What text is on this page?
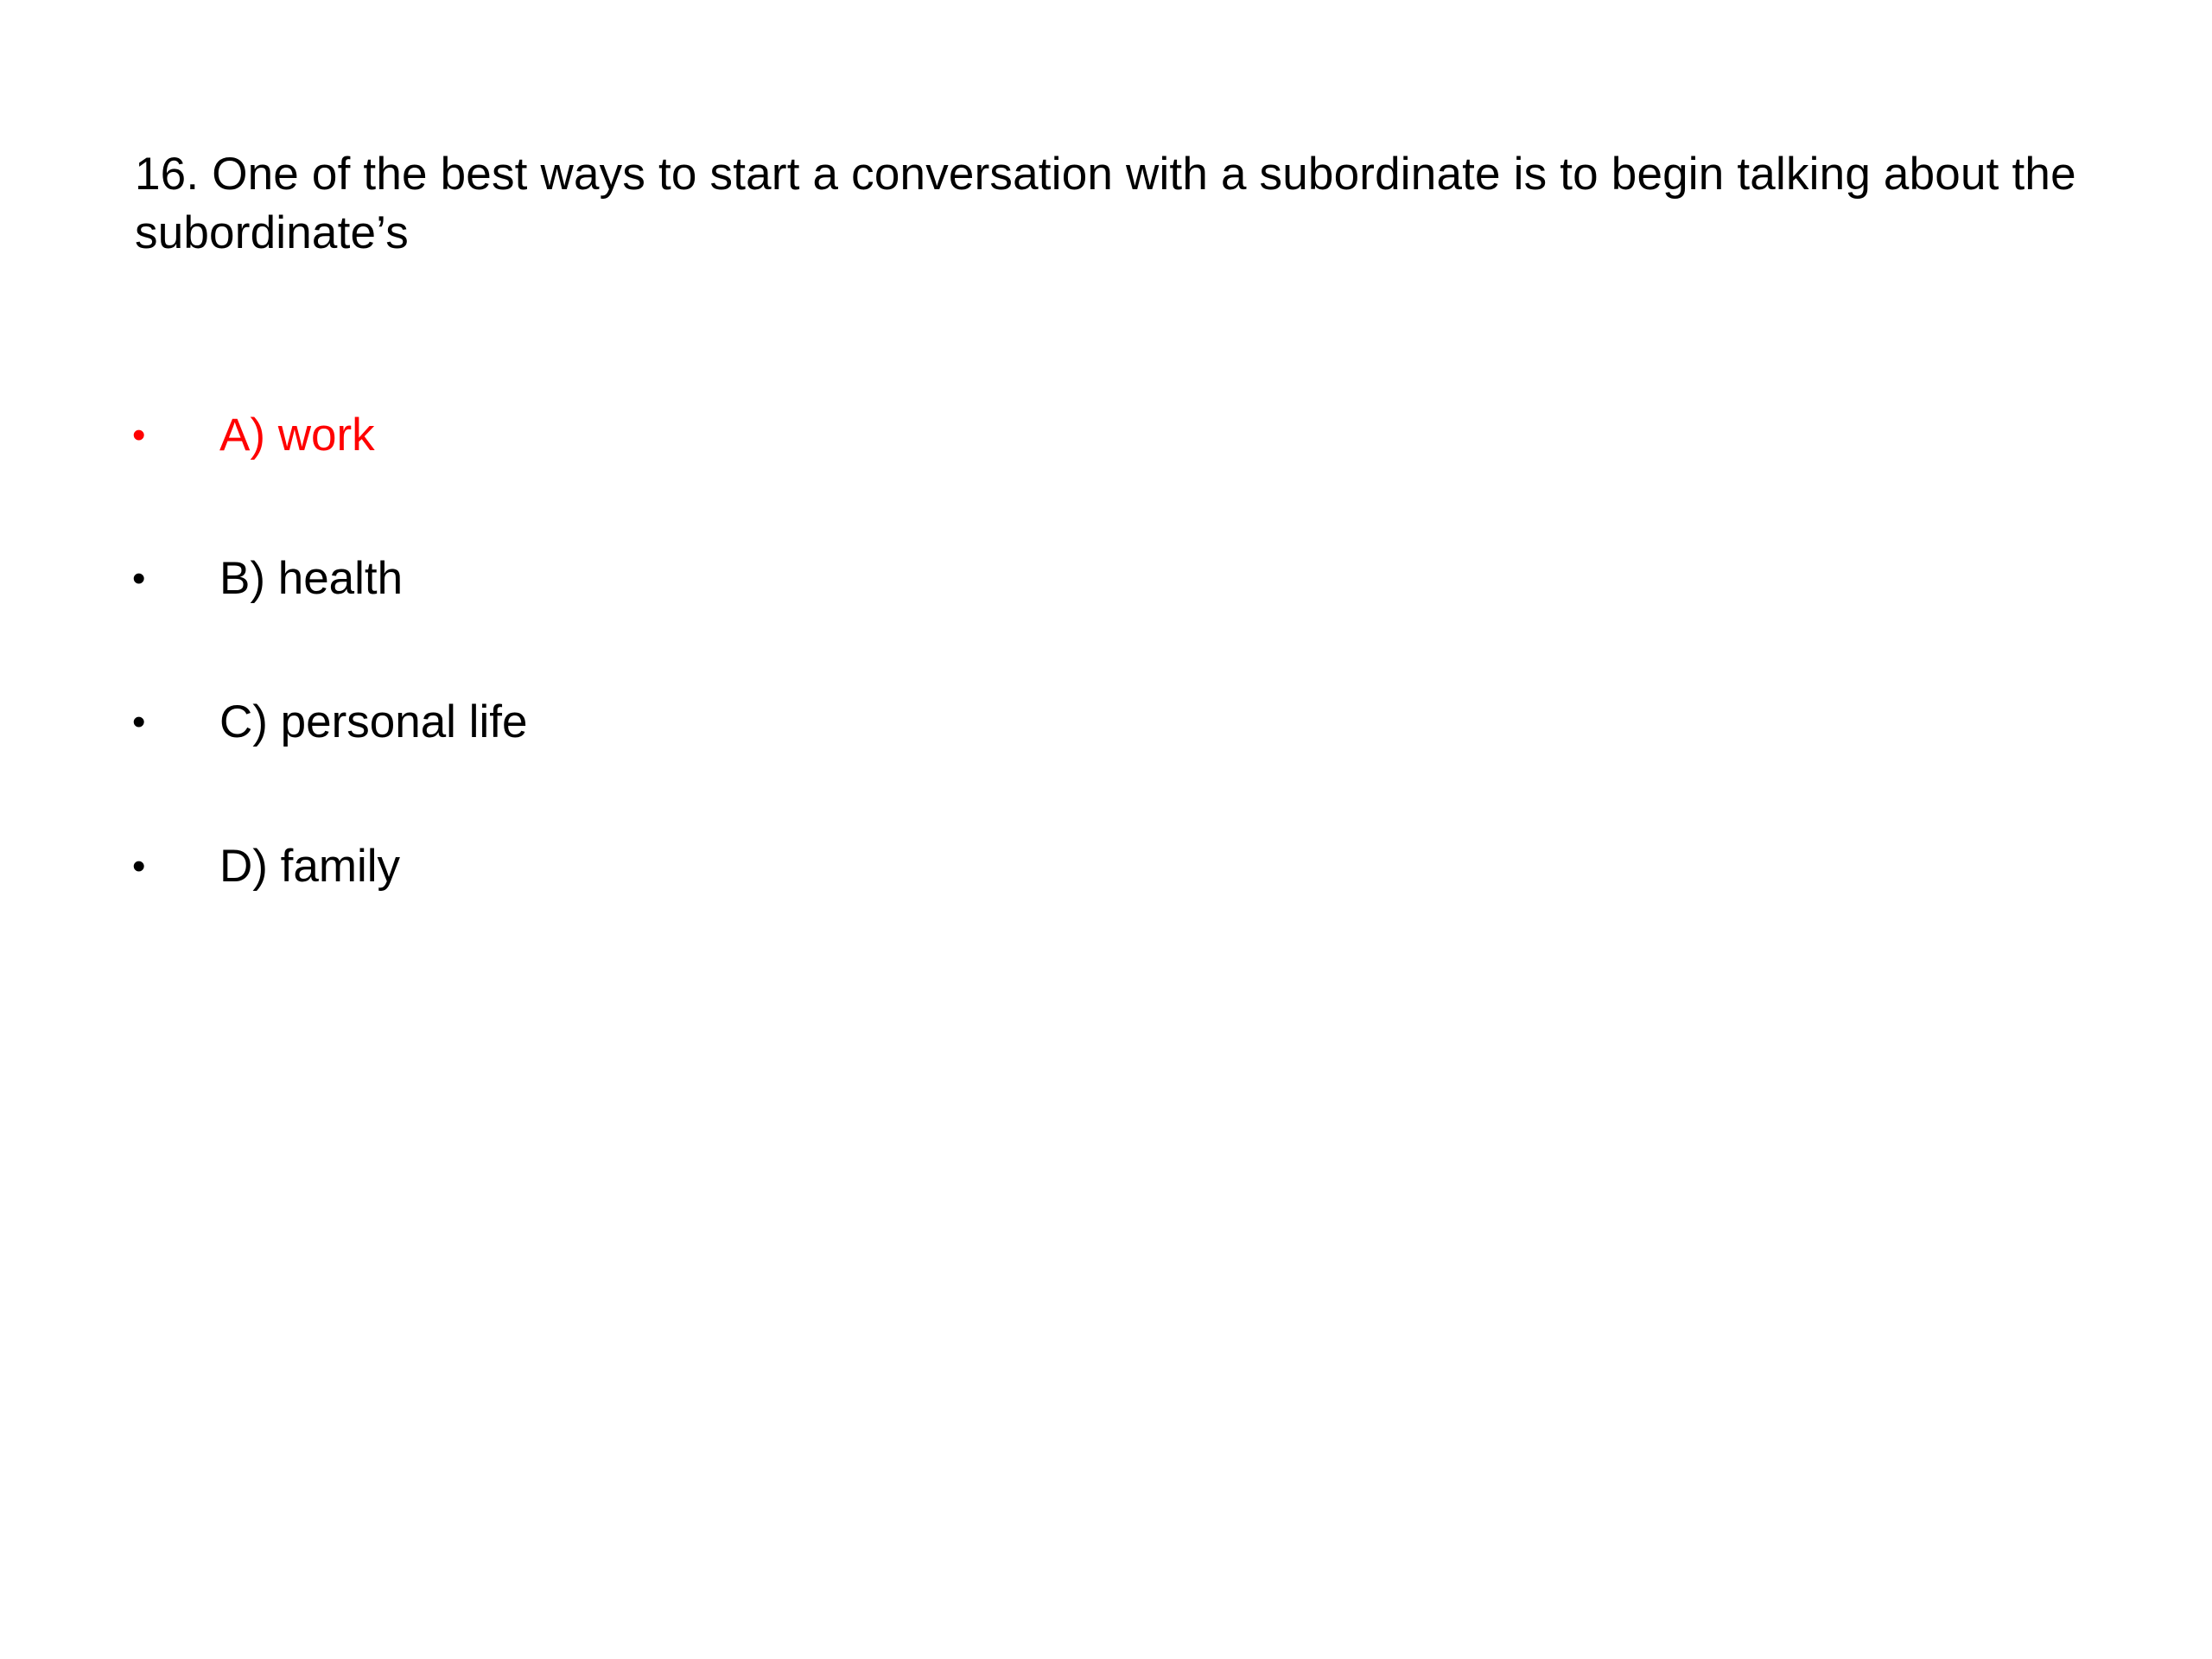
16. One of the best ways to start a conversation with a subordinate is to begin talking about the subordinate’s

• A) work
• B) health
• C) personal life
• D) family
